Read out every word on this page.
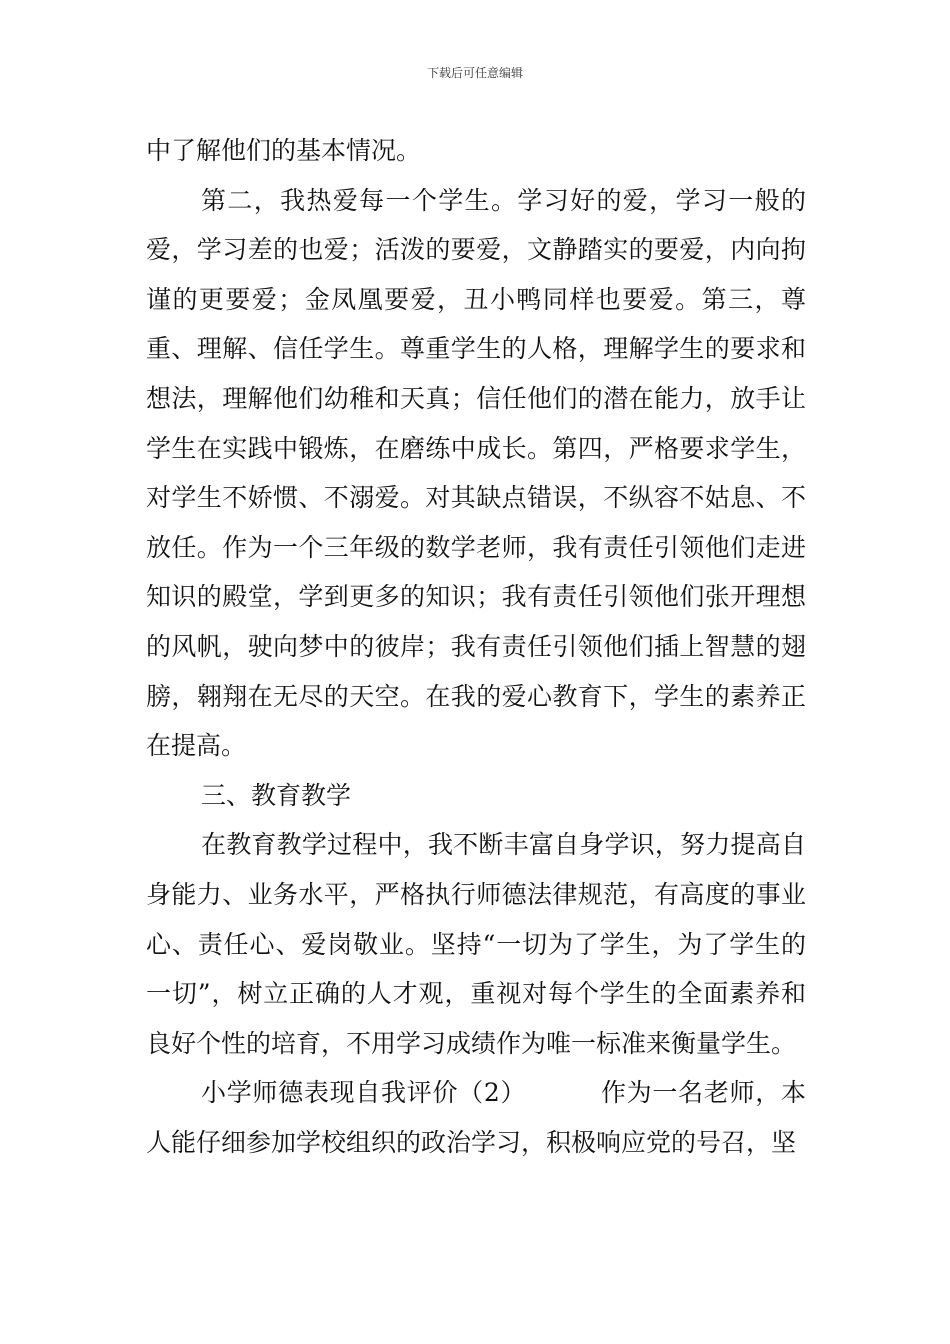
下载后可任意编辑

中了解他们的基本情况。

第二，我热爱每一个学生。学习好的爱，学习一般的爱，学习差的也爱；活泼的要爱，文静踏实的要爱，内向拘谨的更要爱；金凤凰要爱，丑小鸭同样也要爱。第三，尊重、理解、信任学生。尊重学生的人格，理解学生的要求和想法，理解他们幼稚和天真；信任他们的潜在能力，放手让学生在实践中锻炼，在磨练中成长。第四，严格要求学生，对学生不娇惯、不溺爱。对其缺点错误，不纵容不姑息、不放任。作为一个三年级的数学老师，我有责任引领他们走进知识的殿堂，学到更多的知识；我有责任引领他们张开理想的风帆，驶向梦中的彼岸；我有责任引领他们插上智慧的翅膀，翱翔在无尽的天空。在我的爱心教育下，学生的素养正在提高。

三、教育教学

在教育教学过程中，我不断丰富自身学识，努力提高自身能力、业务水平，严格执行师德法律规范，有高度的事业心、责任心、爱岗敬业。坚持“一切为了学生，为了学生的一切”，树立正确的人才观，重视对每个学生的全面素养和良好个性的培育，不用学习成绩作为唯一标准来衡量学生。

小学师德表现自我评价（2）	作为一名老师，本人能仔细参加学校组织的政治学习，积极响应党的号召，坚
